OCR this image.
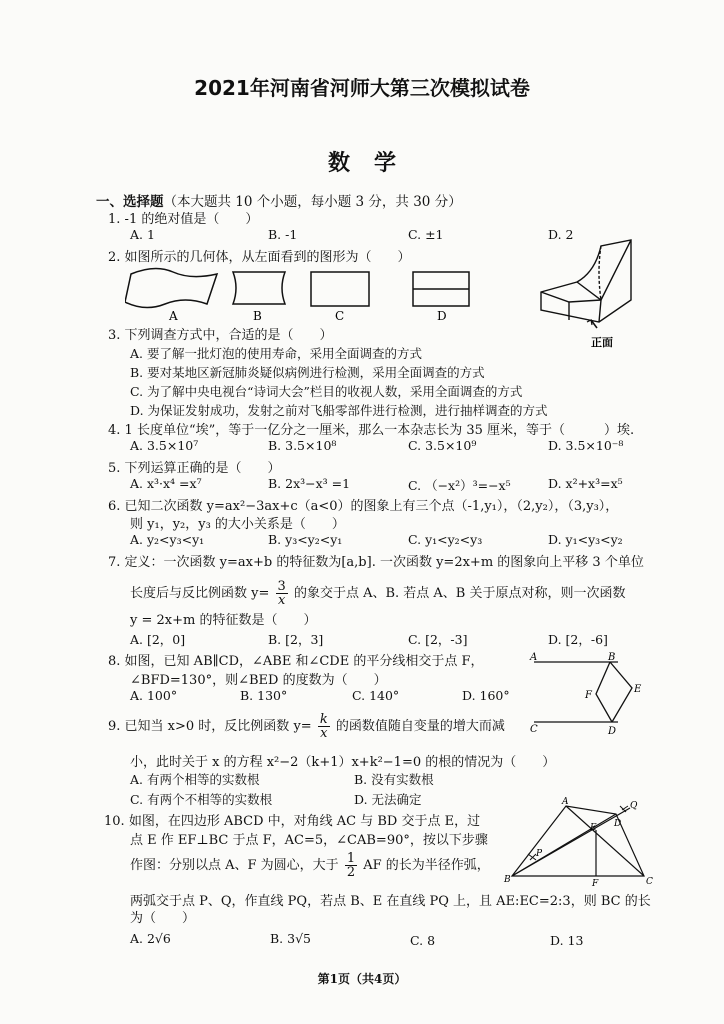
2021年河南省河师大第三次模拟试卷
数学
一、选择题（本大题共 10 个小题，每小题 3 分，共 30 分）
1. -1 的绝对值是（　　）
A. 1	B. -1	C. ±1	D. 2
2. 如图所示的几何体，从左面看到的图形为（　　）
A	B	C	D
正面
3. 下列调查方式中，合适的是（　　）
A. 要了解一批灯泡的使用寿命，采用全面调查的方式
B. 要对某地区新冠肺炎疑似病例进行检测，采用全面调查的方式
C. 为了解中央电视台“诗词大会”栏目的收视人数，采用全面调查的方式
D. 为保证发射成功，发射之前对飞船零部件进行检测，进行抽样调查的方式
4. 1 长度单位“埃”，等于一亿分之一厘米，那么一本杂志长为 35 厘米，等于（　　　）埃.
A. 3.5×10⁷	B. 3.5×10⁸	C. 3.5×10⁹	D. 3.5×10⁻⁸
5. 下列运算正确的是（　　）
A. x³·x⁴ =x⁷	B. 2x³−x³ =1	C. （−x²）³=−x⁵	D. x²+x³=x⁵
6. 已知二次函数 y=ax²−3ax+c（a<0）的图象上有三个点（-1,y₁），（2,y₂），（3,y₃），
则 y₁，y₂，y₃ 的大小关系是（　　）
A. y₂<y₃<y₁	B. y₃<y₂<y₁	C. y₁<y₂<y₃	D. y₁<y₃<y₂
7. 定义：一次函数 y=ax+b 的特征数为[a,b]. 一次函数 y=2x+m 的图象向上平移 3 个单位
长度后与反比例函数 $y= \frac{3}{x}$ 的象交于点 A、B. 若点 A、B 关于原点对称，则一次函数
y = 2x+m 的特征数是（　　）
A. [2，0]	B. [2，3]	C. [2，-3]	D. [2，-6]
8. 如图，已知 AB∥CD，∠ABE 和∠CDE 的平分线相交于点 F，
∠BFD=130°，则∠BED 的度数为（　　）
A. 100°	B. 130°	C. 140°	D. 160°
A	B
E
F
C	D
9. 已知当 x>0 时，反比例函数 $y= \frac{k}{x}$ 的函数值随自变量的增大而减
小，此时关于 x 的方程 x²−2（k+1）x+k²−1=0 的根的情况为（　　）
A. 有两个相等的实数根	B. 没有实数根
C. 有两个不相等的实数根	D. 无法确定
10. 如图，在四边形 ABCD 中，对角线 AC 与 BD 交于点 E，过
点 E 作 EF⊥BC 于点 F，AC=5，∠CAB=90°，按以下步骤
作图：分别以点 A、F 为圆心，大于 $\frac{1}{2}$ AF 的长为半径作弧，
两弧交于点 P、Q，作直线 PQ，若点 B、E 在直线 PQ 上，且 AE:EC=2:3，则 BC 的长
为（　　）
A. 2√6	B. 3√5	C. 8	D. 13
A
D
Q
E
P
B	F	C
第1页（共4页）
